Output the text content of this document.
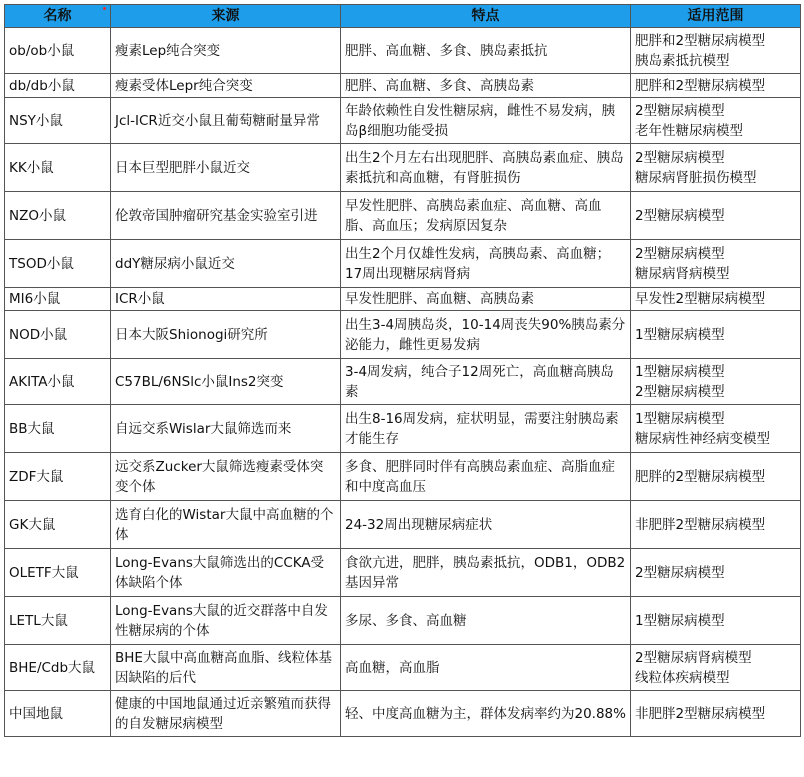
名称	来源	特点	适用范围
ob/ob小鼠	瘦素Lep纯合突变	肥胖、高血糖、多食、胰岛素抵抗	肥胖和2型糖尿病模型
胰岛素抵抗模型

db/db小鼠	瘦素受体Lepr纯合突变	肥胖、高血糖、多食、高胰岛素	肥胖和2型糖尿病模型

NSY小鼠	Jcl-ICR近交小鼠且葡萄糖耐量异常	年龄依赖性自发性糖尿病，雌性不易发病，胰岛β细胞功能受损	2型糖尿病模型
老年性糖尿病模型

KK小鼠	日本巨型肥胖小鼠近交	出生2个月左右出现肥胖、高胰岛素血症、胰岛素抵抗和高血糖，有肾脏损伤	2型糖尿病模型
糖尿病肾脏损伤模型

NZO小鼠	伦敦帝国肿瘤研究基金实验室引进	早发性肥胖、高胰岛素血症、高血糖、高血脂、高血压；发病原因复杂	2型糖尿病模型

TSOD小鼠	ddY糖尿病小鼠近交	出生2个月仅雄性发病，高胰岛素、高血糖；17周出现糖尿病肾病	2型糖尿病模型
糖尿病肾病模型

MI6小鼠	ICR小鼠	早发性肥胖、高血糖、高胰岛素	早发性2型糖尿病模型

NOD小鼠	日本大阪Shionogi研究所	出生3-4周胰岛炎，10-14周丧失90%胰岛素分泌能力，雌性更易发病	1型糖尿病模型

AKITA小鼠	C57BL/6NSlc小鼠Ins2突变	3-4周发病，纯合子12周死亡，高血糖高胰岛素	1型糖尿病模型
2型糖尿病模型

BB大鼠	自远交系Wislar大鼠筛选而来	出生8-16周发病，症状明显，需要注射胰岛素才能生存	1型糖尿病模型
糖尿病性神经病变模型

ZDF大鼠	远交系Zucker大鼠筛选瘦素受体突变个体	多食、肥胖同时伴有高胰岛素血症、高脂血症和中度高血压	肥胖的2型糖尿病模型

GK大鼠	选育白化的Wistar大鼠中高血糖的个体	24-32周出现糖尿病症状	非肥胖2型糖尿病模型

OLETF大鼠	Long-Evans大鼠筛选出的CCKA受体缺陷个体	食欲亢进，肥胖，胰岛素抵抗，ODB1，ODB2基因异常	2型糖尿病模型

LETL大鼠	Long-Evans大鼠的近交群落中自发性糖尿病的个体	多尿、多食、高血糖	1型糖尿病模型

BHE/Cdb大鼠	BHE大鼠中高血糖高血脂、线粒体基因缺陷的后代	高血糖，高血脂	2型糖尿病肾病模型
线粒体疾病模型

中国地鼠	健康的中国地鼠通过近亲繁殖而获得的自发糖尿病模型	轻、中度高血糖为主，群体发病率约为20.88%	非肥胖2型糖尿病模型
